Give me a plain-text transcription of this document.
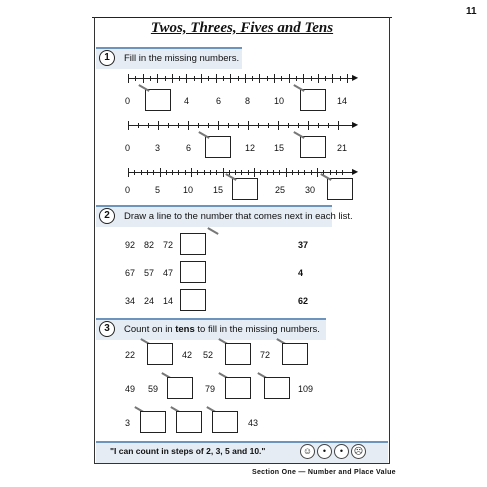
11
Twos, Threes, Fives and Tens
1	Fill in the missing numbers.
▶
0	4	6	8	10	14
▶
0	3	6	12 15	21
▶
0	5	10 15	25 30
2	Draw a line to the number that comes next in each list.
92 82 72	37
67 57 47	4
34 24 14	62
3	Count on in tens to fill in the missing numbers.
22	42 52	72
49 59	79	109
3	43
"I can count in steps of 2, 3, 5 and 10."	☺	•	•	☹
Section One — Number and Place Value
